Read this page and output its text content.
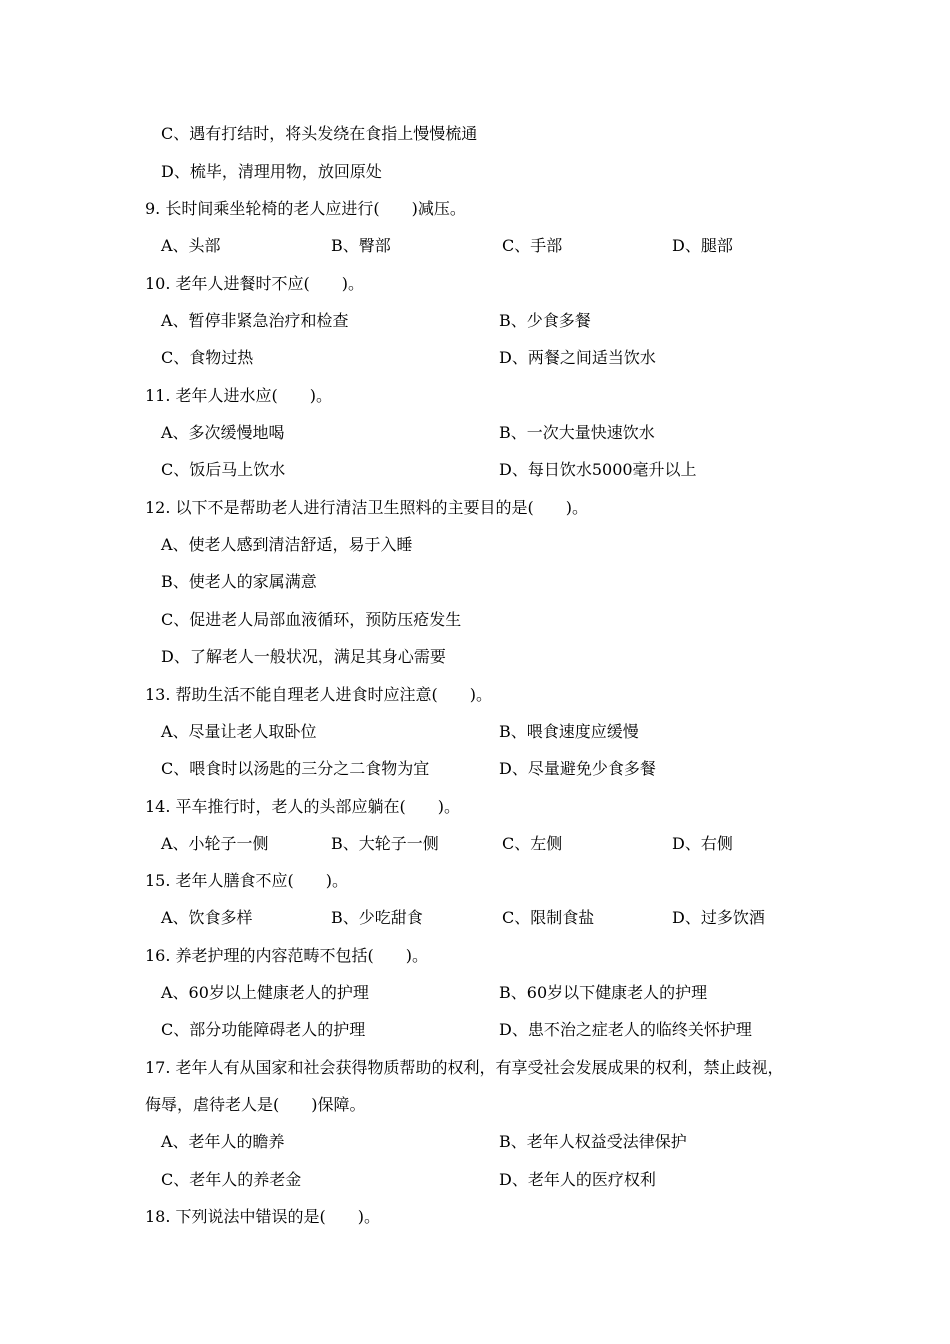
C、遇有打结时，将头发绕在食指上慢慢梳通
D、梳毕，清理用物，放回原处
9. 长时间乘坐轮椅的老人应进行(　　)减压。
A、头部	B、臀部	C、手部	D、腿部
10. 老年人进餐时不应(　　)。
A、暂停非紧急治疗和检查	B、少食多餐
C、食物过热	D、两餐之间适当饮水
11. 老年人进水应(　　)。
A、多次缓慢地喝	B、一次大量快速饮水
C、饭后马上饮水	D、每日饮水5000毫升以上
12. 以下不是帮助老人进行清洁卫生照料的主要目的是(　　)。
A、使老人感到清洁舒适，易于入睡
B、使老人的家属满意
C、促进老人局部血液循环，预防压疮发生
D、了解老人一般状况，满足其身心需要
13. 帮助生活不能自理老人进食时应注意(　　)。
A、尽量让老人取卧位	B、喂食速度应缓慢
C、喂食时以汤匙的三分之二食物为宜	D、尽量避免少食多餐
14. 平车推行时，老人的头部应躺在(　　)。
A、小轮子一侧	B、大轮子一侧	C、左侧	D、右侧
15. 老年人膳食不应(　　)。
A、饮食多样	B、少吃甜食	C、限制食盐	D、过多饮酒
16. 养老护理的内容范畴不包括(　　)。
A、60岁以上健康老人的护理	B、60岁以下健康老人的护理
C、部分功能障碍老人的护理	D、患不治之症老人的临终关怀护理
17. 老年人有从国家和社会获得物质帮助的权利，有享受社会发展成果的权利，禁止歧视，
侮辱，虐待老人是(　　)保障。
A、老年人的瞻养	B、老年人权益受法律保护
C、老年人的养老金	D、老年人的医疗权利
18. 下列说法中错误的是(　　)。
